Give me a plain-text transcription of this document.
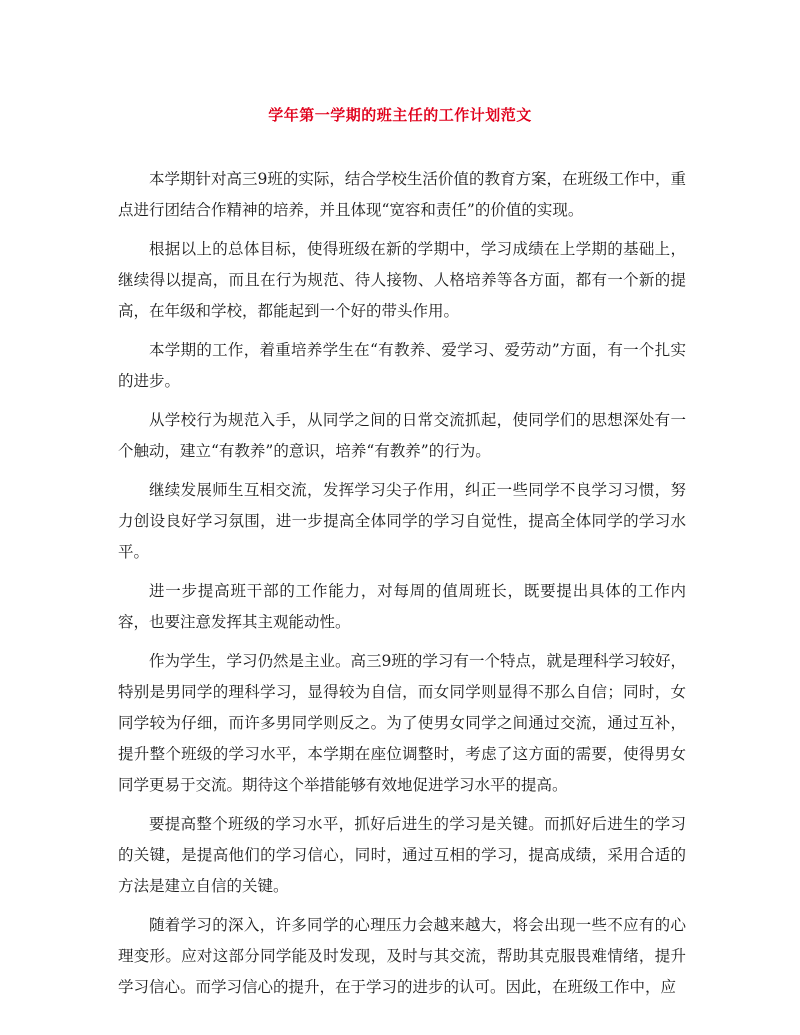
学年第一学期的班主任的工作计划范文

本学期针对高三9班的实际，结合学校生活价值的教育方案，在班级工作中，重点进行团结合作精神的培养，并且体现“宽容和责任”的价值的实现。

根据以上的总体目标，使得班级在新的学期中，学习成绩在上学期的基础上，继续得以提高，而且在行为规范、待人接物、人格培养等各方面，都有一个新的提高，在年级和学校，都能起到一个好的带头作用。

本学期的工作，着重培养学生在“有教养、爱学习、爱劳动”方面，有一个扎实的进步。

从学校行为规范入手，从同学之间的日常交流抓起，使同学们的思想深处有一个触动，建立“有教养”的意识，培养“有教养”的行为。

继续发展师生互相交流，发挥学习尖子作用，纠正一些同学不良学习习惯，努力创设良好学习氛围，进一步提高全体同学的学习自觉性，提高全体同学的学习水平。

进一步提高班干部的工作能力，对每周的值周班长，既要提出具体的工作内容，也要注意发挥其主观能动性。

作为学生，学习仍然是主业。高三9班的学习有一个特点，就是理科学习较好，特别是男同学的理科学习，显得较为自信，而女同学则显得不那么自信；同时，女同学较为仔细，而许多男同学则反之。为了使男女同学之间通过交流，通过互补，提升整个班级的学习水平，本学期在座位调整时，考虑了这方面的需要，使得男女同学更易于交流。期待这个举措能够有效地促进学习水平的提高。

要提高整个班级的学习水平，抓好后进生的学习是关键。而抓好后进生的学习的关键，是提高他们的学习信心，同时，通过互相的学习，提高成绩，采用合适的方法是建立自信的关键。

随着学习的深入，许多同学的心理压力会越来越大，将会出现一些不应有的心理变形。应对这部分同学能及时发现，及时与其交流，帮助其克服畏难情绪，提升学习信心。而学习信心的提升，在于学习的进步的认可。因此，在班级工作中，应
